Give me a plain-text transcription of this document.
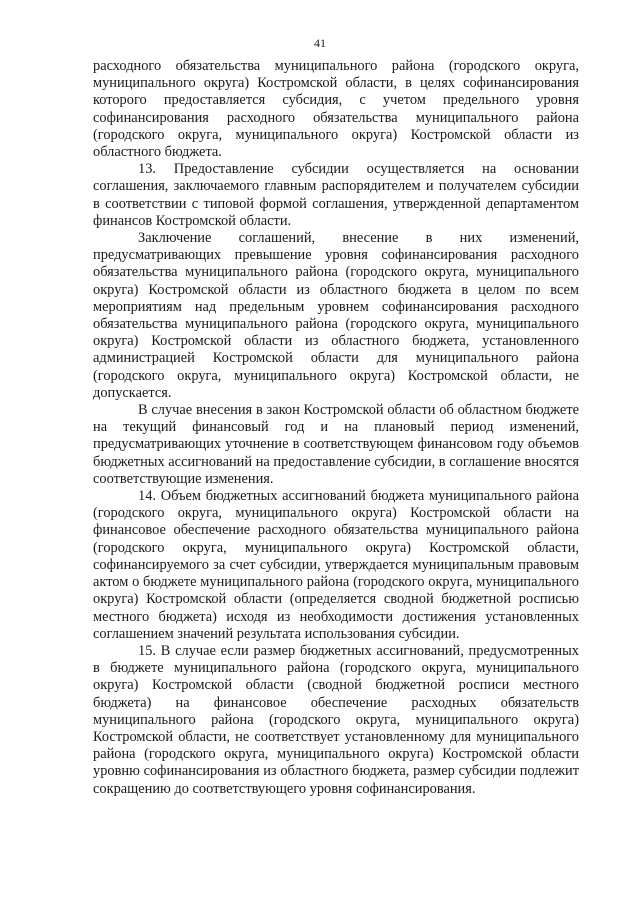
41

расходного обязательства муниципального района (городского округа, муниципального округа) Костромской области, в целях софинансирования которого предоставляется субсидия, с учетом предельного уровня софинансирования расходного обязательства муниципального района (городского округа, муниципального округа) Костромской области из областного бюджета.

13. Предоставление субсидии осуществляется на основании соглашения, заключаемого главным распорядителем и получателем субсидии в соответствии с типовой формой соглашения, утвержденной департаментом финансов Костромской области.

Заключение соглашений, внесение в них изменений, предусматривающих превышение уровня софинансирования расходного обязательства муниципального района (городского округа, муниципального округа) Костромской области из областного бюджета в целом по всем мероприятиям над предельным уровнем софинансирования расходного обязательства муниципального района (городского округа, муниципального округа) Костромской области из областного бюджета, установленного администрацией Костромской области для муниципального района (городского округа, муниципального округа) Костромской области, не допускается.

В случае внесения в закон Костромской области об областном бюджете на текущий финансовый год и на плановый период изменений, предусматривающих уточнение в соответствующем финансовом году объемов бюджетных ассигнований на предоставление субсидии, в соглашение вносятся соответствующие изменения.

14. Объем бюджетных ассигнований бюджета муниципального района (городского округа, муниципального округа) Костромской области на финансовое обеспечение расходного обязательства муниципального района (городского округа, муниципального округа) Костромской области, софинансируемого за счет субсидии, утверждается муниципальным правовым актом о бюджете муниципального района (городского округа, муниципального округа) Костромской области (определяется сводной бюджетной росписью местного бюджета) исходя из необходимости достижения установленных соглашением значений результата использования субсидии.

15. В случае если размер бюджетных ассигнований, предусмотренных в бюджете муниципального района (городского округа, муниципального округа) Костромской области (сводной бюджетной росписи местного бюджета) на финансовое обеспечение расходных обязательств муниципального района (городского округа, муниципального округа) Костромской области, не соответствует установленному для муниципального района (городского округа, муниципального округа) Костромской области уровню софинансирования из областного бюджета, размер субсидии подлежит сокращению до соответствующего уровня софинансирования.
